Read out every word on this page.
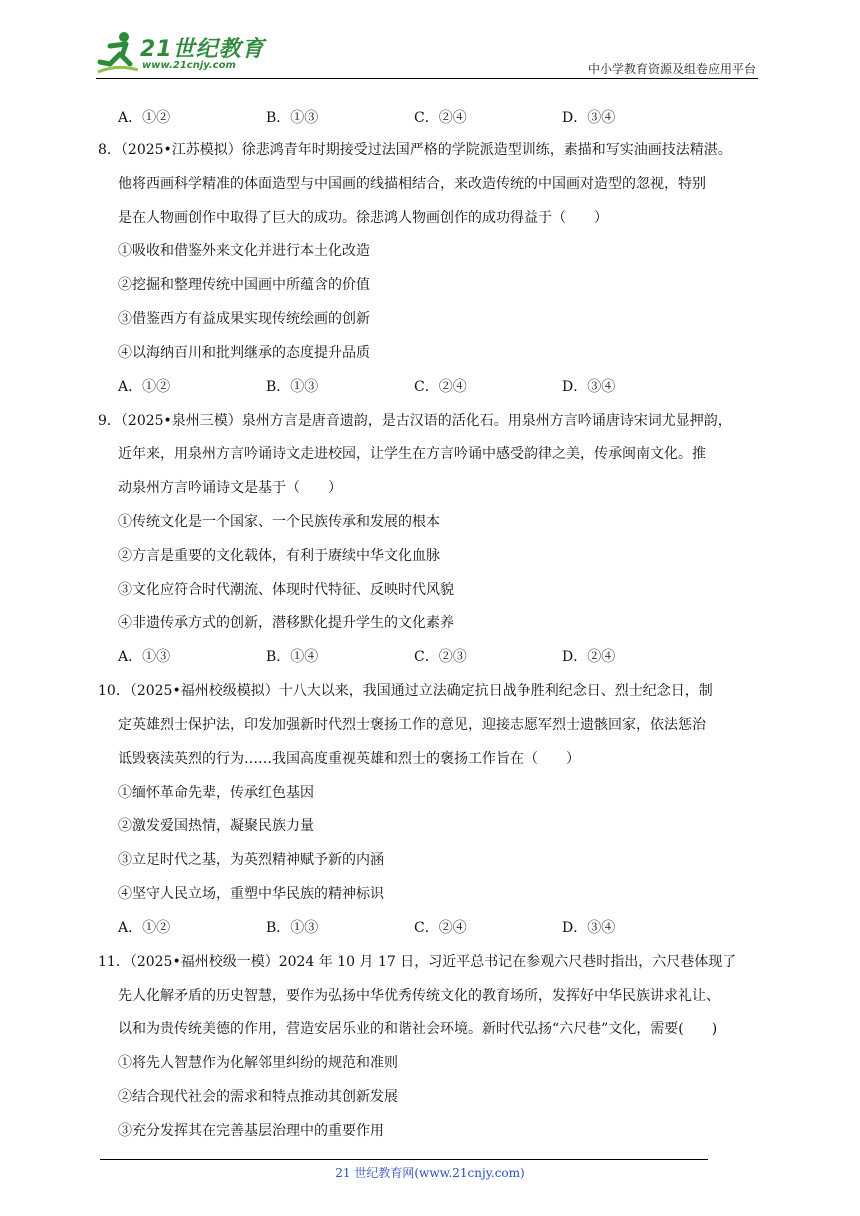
21世纪教育
www.21cnjy.com	中小学教育资源及组卷应用平台
A．①②	B．①③	C．②④	D．③④

8．（2025•江苏模拟）徐悲鸿青年时期接受过法国严格的学院派造型训练，素描和写实油画技法精湛。

他将西画科学精准的体面造型与中国画的线描相结合，来改造传统的中国画对造型的忽视，特别

是在人物画创作中取得了巨大的成功。徐悲鸿人物画创作的成功得益于（　　）

①吸收和借鉴外来文化并进行本土化改造
②挖掘和整理传统中国画中所蕴含的价值
③借鉴西方有益成果实现传统绘画的创新
④以海纳百川和批判继承的态度提升品质
A．①②	B．①③	C．②④	D．③④

9．（2025•泉州三模）泉州方言是唐音遗韵，是古汉语的活化石。用泉州方言吟诵唐诗宋词尤显押韵，

近年来，用泉州方言吟诵诗文走进校园，让学生在方言吟诵中感受韵律之美，传承闽南文化。推

动泉州方言吟诵诗文是基于（　　）

①传统文化是一个国家、一个民族传承和发展的根本
②方言是重要的文化载体，有利于赓续中华文化血脉
③文化应符合时代潮流、体现时代特征、反映时代风貌
④非遗传承方式的创新，潜移默化提升学生的文化素养
A．①③	B．①④	C．②③	D．②④

10．（2025•福州校级模拟）十八大以来，我国通过立法确定抗日战争胜利纪念日、烈士纪念日，制

定英雄烈士保护法，印发加强新时代烈士褒扬工作的意见，迎接志愿军烈士遗骸回家，依法惩治

诋毁亵渎英烈的行为……我国高度重视英雄和烈士的褒扬工作旨在（　　）

①缅怀革命先辈，传承红色基因
②激发爱国热情，凝聚民族力量
③立足时代之基，为英烈精神赋予新的内涵
④坚守人民立场，重塑中华民族的精神标识
A．①②	B．①③	C．②④	D．③④

11．（2025•福州校级一模）2024 年 10 月 17 日，习近平总书记在参观六尺巷时指出，六尺巷体现了

先人化解矛盾的历史智慧，要作为弘扬中华优秀传统文化的教育场所，发挥好中华民族讲求礼让、

以和为贵传统美德的作用，营造安居乐业的和谐社会环境。新时代弘扬“六尺巷”文化，需要(　　)

①将先人智慧作为化解邻里纠纷的规范和准则
②结合现代社会的需求和特点推动其创新发展
③充分发挥其在完善基层治理中的重要作用
21 世纪教育网(www.21cnjy.com)
